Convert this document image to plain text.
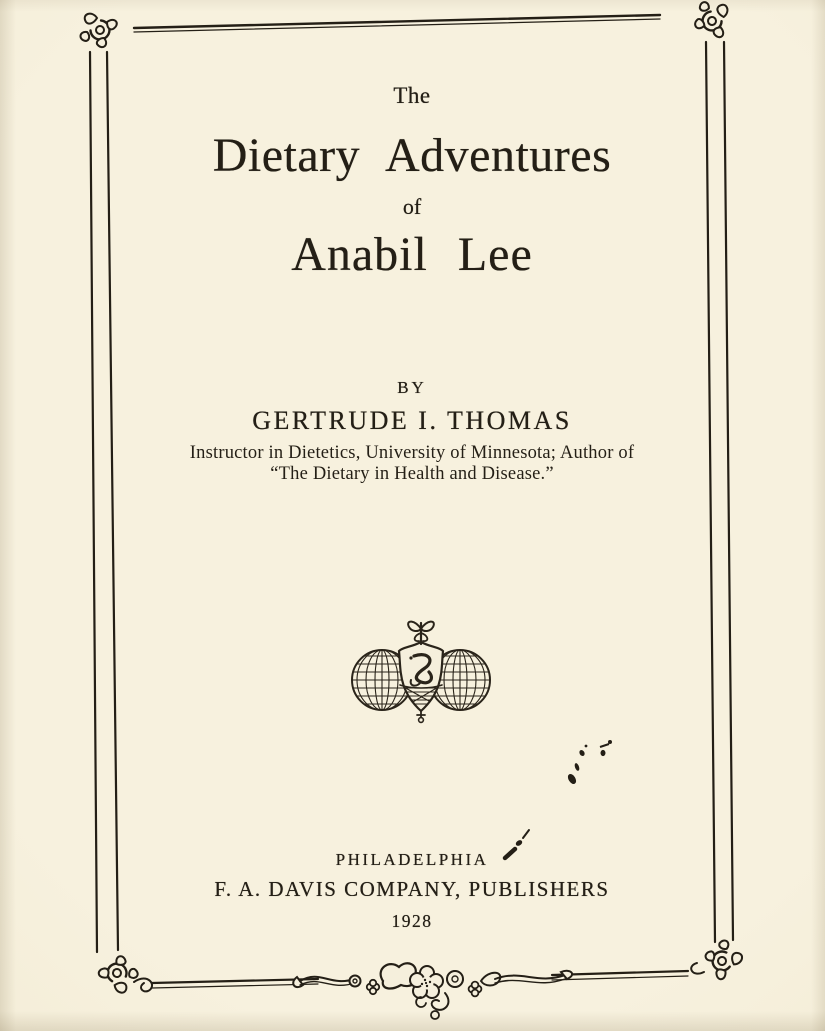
The
Dietary Adventures
of
Anabil Lee
BY
GERTRUDE I. THOMAS
Instructor in Dietetics, University of Minnesota; Author of
“The Dietary in Health and Disease.”
PHILADELPHIA
F. A. DAVIS COMPANY, PUBLISHERS
1928
